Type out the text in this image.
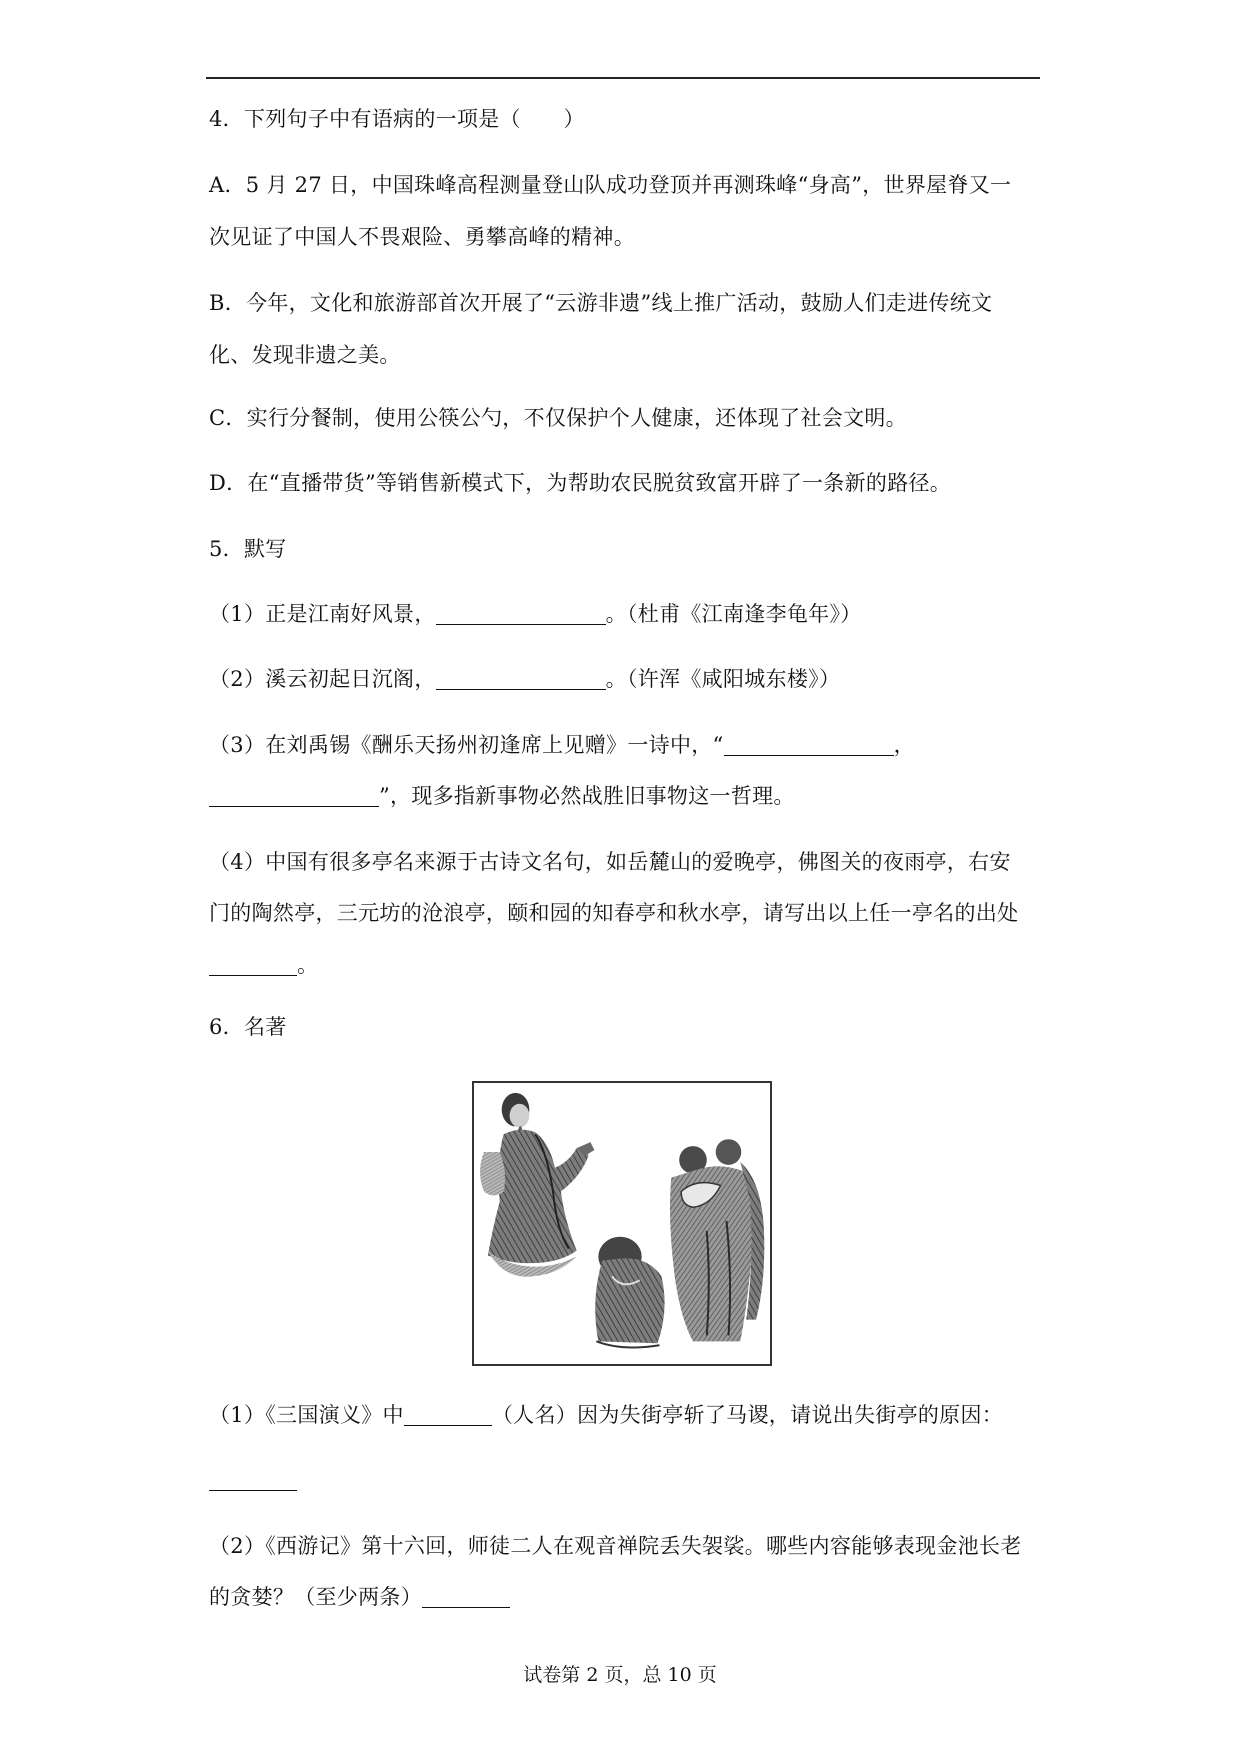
4．下列句子中有语病的一项是（　　）
A．5 月 27 日，中国珠峰高程测量登山队成功登顶并再测珠峰“身高”，世界屋脊又一
次见证了中国人不畏艰险、勇攀高峰的精神。
B．今年，文化和旅游部首次开展了“云游非遗”线上推广活动，鼓励人们走进传统文
化、发现非遗之美。
C．实行分餐制，使用公筷公勺，不仅保护个人健康，还体现了社会文明。
D．在“直播带货”等销售新模式下，为帮助农民脱贫致富开辟了一条新的路径。
5．默写
（1）正是江南好风景，	。（杜甫《江南逢李龟年》）
（2）溪云初起日沉阁，	。（许浑《咸阳城东楼》）
（3）在刘禹锡《酬乐天扬州初逢席上见赠》一诗中，“	，
”，现多指新事物必然战胜旧事物这一哲理。
（4）中国有很多亭名来源于古诗文名句，如岳麓山的爱晚亭，佛图关的夜雨亭，右安
门的陶然亭，三元坊的沧浪亭，颐和园的知春亭和秋水亭，请写出以上任一亭名的出处
。
6．名著
（1）《三国演义》中	（人名）因为失街亭斩了马谡，请说出失街亭的原因：
（2）《西游记》第十六回，师徒二人在观音禅院丢失袈裟。哪些内容能够表现金池长老
的贪婪？（至少两条）
试卷第 2 页，总 10 页
